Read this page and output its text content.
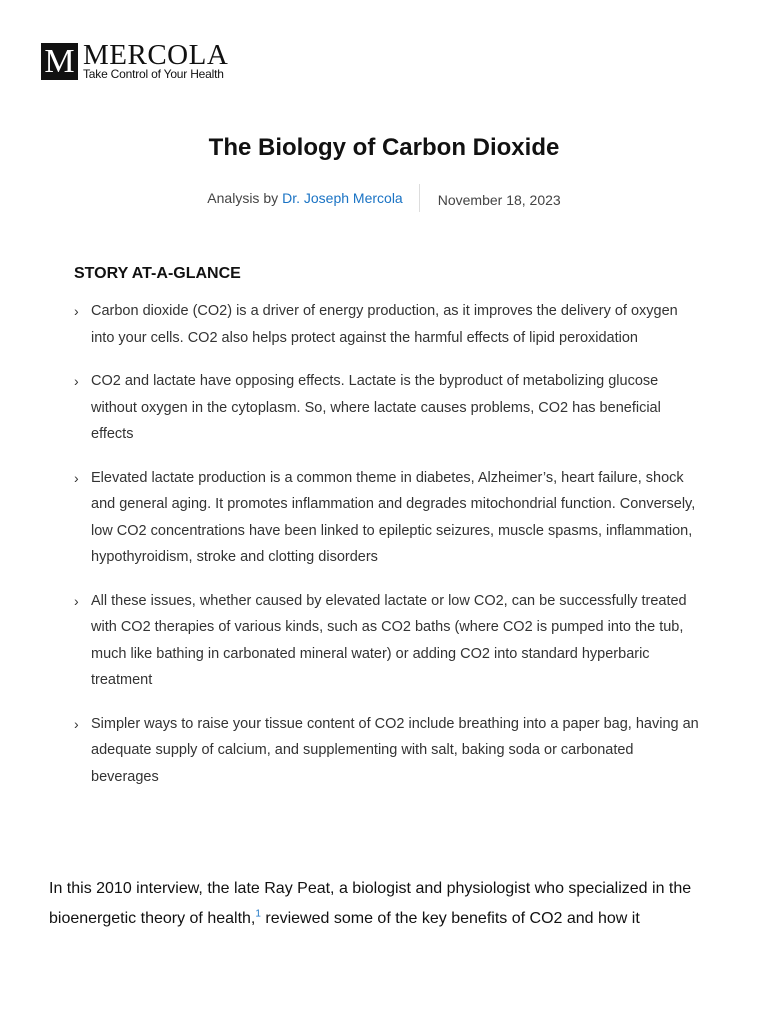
M MERCOLA
Take Control of Your Health
The Biology of Carbon Dioxide
Analysis by Dr. Joseph Mercola	November 18, 2023
STORY AT-A-GLANCE
› Carbon dioxide (CO2) is a driver of energy production, as it improves the delivery of oxygen into your cells. CO2 also helps protect against the harmful effects of lipid peroxidation
› CO2 and lactate have opposing effects. Lactate is the byproduct of metabolizing glucose without oxygen in the cytoplasm. So, where lactate causes problems, CO2 has beneficial effects
› Elevated lactate production is a common theme in diabetes, Alzheimer’s, heart failure, shock and general aging. It promotes inflammation and degrades mitochondrial function. Conversely, low CO2 concentrations have been linked to epileptic seizures, muscle spasms, inflammation, hypothyroidism, stroke and clotting disorders
› All these issues, whether caused by elevated lactate or low CO2, can be successfully treated with CO2 therapies of various kinds, such as CO2 baths (where CO2 is pumped into the tub, much like bathing in carbonated mineral water) or adding CO2 into standard hyperbaric treatment
› Simpler ways to raise your tissue content of CO2 include breathing into a paper bag, having an adequate supply of calcium, and supplementing with salt, baking soda or carbonated beverages

In this 2010 interview, the late Ray Peat, a biologist and physiologist who specialized in the bioenergetic theory of health,$^1$ reviewed some of the key benefits of CO2 and how it
